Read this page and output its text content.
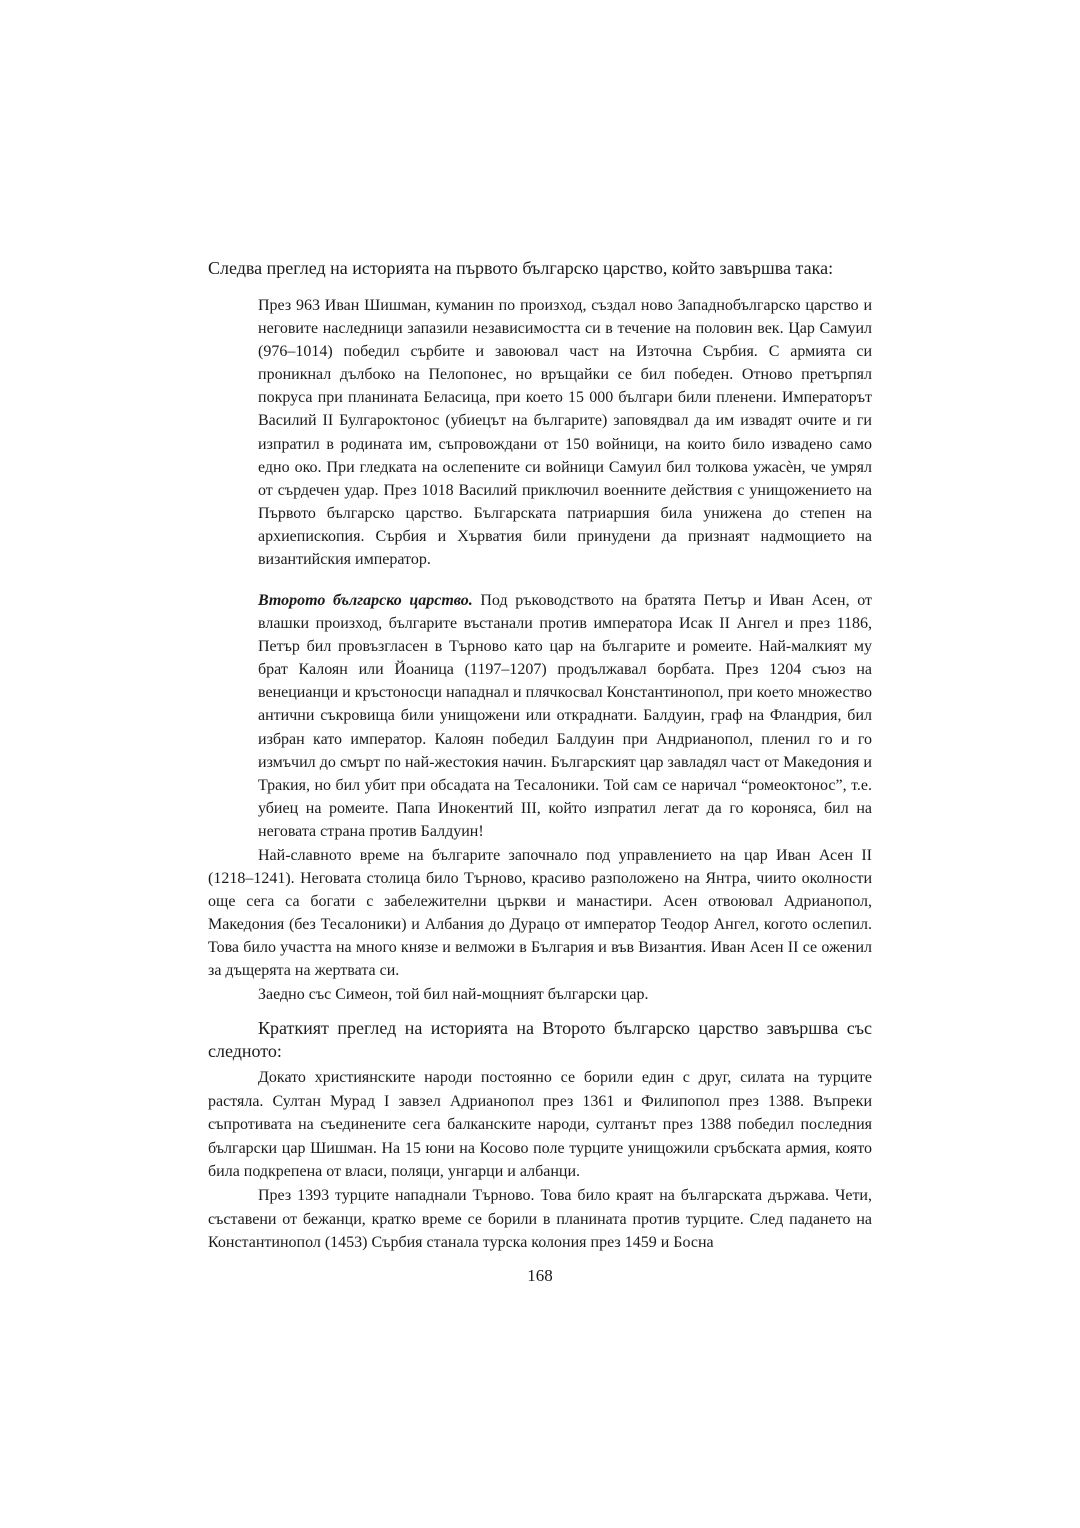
Следва преглед на историята на първото българско царство, който завършва така:

През 963 Иван Шишман, куманин по произход, създал ново Западнобългарско царство и неговите наследници запазили независимостта си в течение на половин век. Цар Самуил (976–1014) победил сърбите и завоювал част на Източна Сърбия. С армията си проникнал дълбоко на Пелопонес, но връщайки се бил победен. Отново претърпял покруса при планината Беласица, при което 15 000 българи били пленени. Императорът Василий II Булгароктонос (убиецът на българите) заповядвал да им извадят очите и ги изпратил в родината им, съпровождани от 150 войници, на които било извадено само едно око. При гледката на ослепените си войници Самуил бил толкова ужасѐн, че умрял от сърдечен удар. През 1018 Василий приключил военните действия с унищожението на Първото българско царство. Българската патриаршия била унижена до степен на архиепископия. Сърбия и Хърватия били принудени да признаят надмощието на византийския император.

Второто българско царство. Под ръководството на братята Петър и Иван Асен, от влашки произход, българите въстанали против императора Исак II Ангел и през 1186, Петър бил провъзгласен в Търново като цар на българите и ромеите. Най-малкият му брат Калоян или Йоаница (1197–1207) продължавал борбата. През 1204 съюз на венецианци и кръстоносци нападнал и плячкосвал Константинопол, при което множество антични съкровища били унищожени или откраднати. Балдуин, граф на Фландрия, бил избран като император. Калоян победил Балдуин при Андрианопол, пленил го и го измъчил до смърт по най-жестокия начин. Българският цар завладял част от Македония и Тракия, но бил убит при обсадата на Тесалоники. Той сам се наричал “ромеоктонос”, т.е. убиец на ромеите. Папа Инокентий III, който изпратил легат да го короняса, бил на неговата страна против Балдуин!

Най-славното време на българите започнало под управлението на цар Иван Асен II (1218–1241). Неговата столица било Търново, красиво разположено на Янтра, чиито околности още сега са богати с забележителни църкви и манастири. Асен отвоювал Адрианопол, Македония (без Тесалоники) и Албания до Дурацо от император Теодор Ангел, когото ослепил. Това било участта на много князе и велможи в България и във Византия. Иван Асен II се оженил за дъщерята на жертвата си.

Заедно със Симеон, той бил най-мощният български цар.

Краткият преглед на историята на Второто българско царство завършва със следното:

Докато християнските народи постоянно се борили един с друг, силата на турците растяла. Султан Мурад I завзел Адрианопол през 1361 и Филипопол през 1388. Въпреки съпротивата на съединените сега балканските народи, султанът през 1388 победил последния български цар Шишман. На 15 юни на Косово поле турците унищожили сръбската армия, която била подкрепена от власи, поляци, унгарци и албанци.

През 1393 турците нападнали Търново. Това било краят на българската държава. Чети, съставени от бежанци, кратко време се борили в планината против турците. След падането на Константинопол (1453) Сърбия станала турска колония през 1459 и Босна

168
